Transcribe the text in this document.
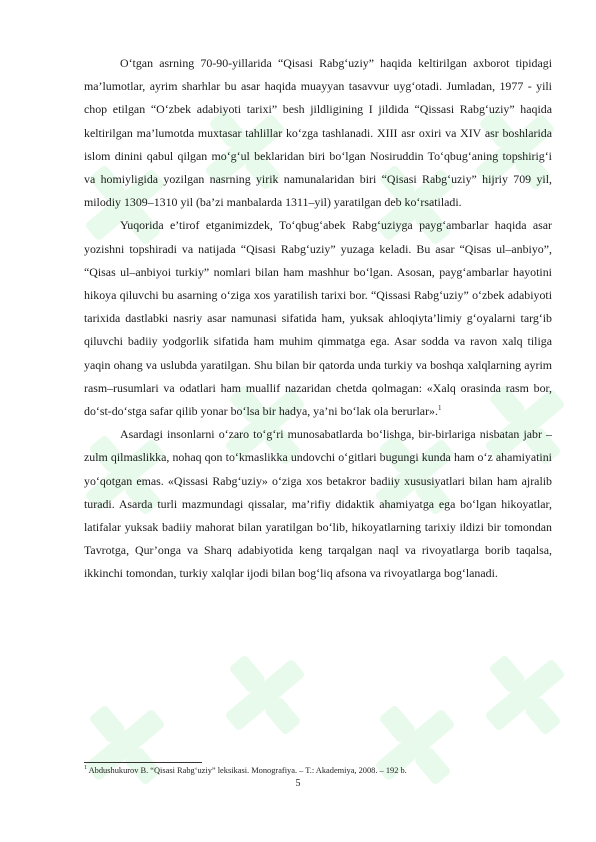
O‘tgan asrning 70-90-yillarida “Qisasi Rabg‘uziy” haqida keltirilgan axborot tipidagi ma’lumotlar, ayrim sharhlar bu asar haqida muayyan tasavvur uyg‘otadi. Jumladan, 1977 - yili chop etilgan “O‘zbek adabiyoti tarixi” besh jildligining I jildida “Qissasi Rabg‘uziy” haqida keltirilgan ma’lumotda muxtasar tahlillar ko‘zga tashlanadi. XIII asr oxiri va XIV asr boshlarida islom dinini qabul qilgan mo‘g‘ul beklaridan biri bo‘lgan Nosiruddin To‘qbug‘aning topshirig‘i va homiyligida yozilgan nasrning yirik namunalaridan biri “Qisasi Rabg‘uziy” hijriy 709 yil, milodiy 1309–1310 yil (ba’zi manbalarda 1311–yil) yaratilgan deb ko‘rsatiladi.

Yuqorida e’tirof etganimizdek, To‘qbug‘abek Rabg‘uziyga payg‘ambarlar haqida asar yozishni topshiradi va natijada “Qisasi Rabg‘uziy” yuzaga keladi. Bu asar “Qisas ul–anbiyo”, “Qisas ul–anbiyoi turkiy” nomlari bilan ham mashhur bo‘lgan. Asosan, payg‘ambarlar hayotini hikoya qiluvchi bu asarning o‘ziga xos yaratilish tarixi bor. “Qissasi Rabg‘uziy” o‘zbek adabiyoti tarixida dastlabki nasriy asar namunasi sifatida ham, yuksak ahloqiyta’limiy g‘oyalarni targ‘ib qiluvchi badiiy yodgorlik sifatida ham muhim qimmatga ega. Asar sodda va ravon xalq tiliga yaqin ohang va uslubda yaratilgan. Shu bilan bir qatorda unda turkiy va boshqa xalqlarning ayrim rasm–rusumlari va odatlari ham muallif nazaridan chetda qolmagan: «Xalq orasinda rasm bor, do‘st-do‘stga safar qilib yonar bo‘lsa bir hadya, ya’ni bo‘lak ola berurlar».$^1$

Asardagi insonlarni o‘zaro to‘g‘ri munosabatlarda bo‘lishga, bir-birlariga nisbatan jabr – zulm qilmaslikka, nohaq qon to‘kmaslikka undovchi o‘gitlari bugungi kunda ham o‘z ahamiyatini yo‘qotgan emas. «Qissasi Rabg‘uziy» o‘ziga xos betakror badiiy xususiyatlari bilan ham ajralib turadi. Asarda turli mazmundagi qissalar, ma’rifiy didaktik ahamiyatga ega bo‘lgan hikoyatlar, latifalar yuksak badiiy mahorat bilan yaratilgan bo‘lib, hikoyatlarning tarixiy ildizi bir tomondan Tavrotga, Qur’onga va Sharq adabiyotida keng tarqalgan naql va rivoyatlarga borib taqalsa, ikkinchi tomondan, turkiy xalqlar ijodi bilan bog‘liq afsona va rivoyatlarga bog‘lanadi.

$^1$ Abdushukurov B. “Qisasi Rabg‘uziy” leksikasi. Monografiya. – T.: Akademiya, 2008. – 192 b.
5
